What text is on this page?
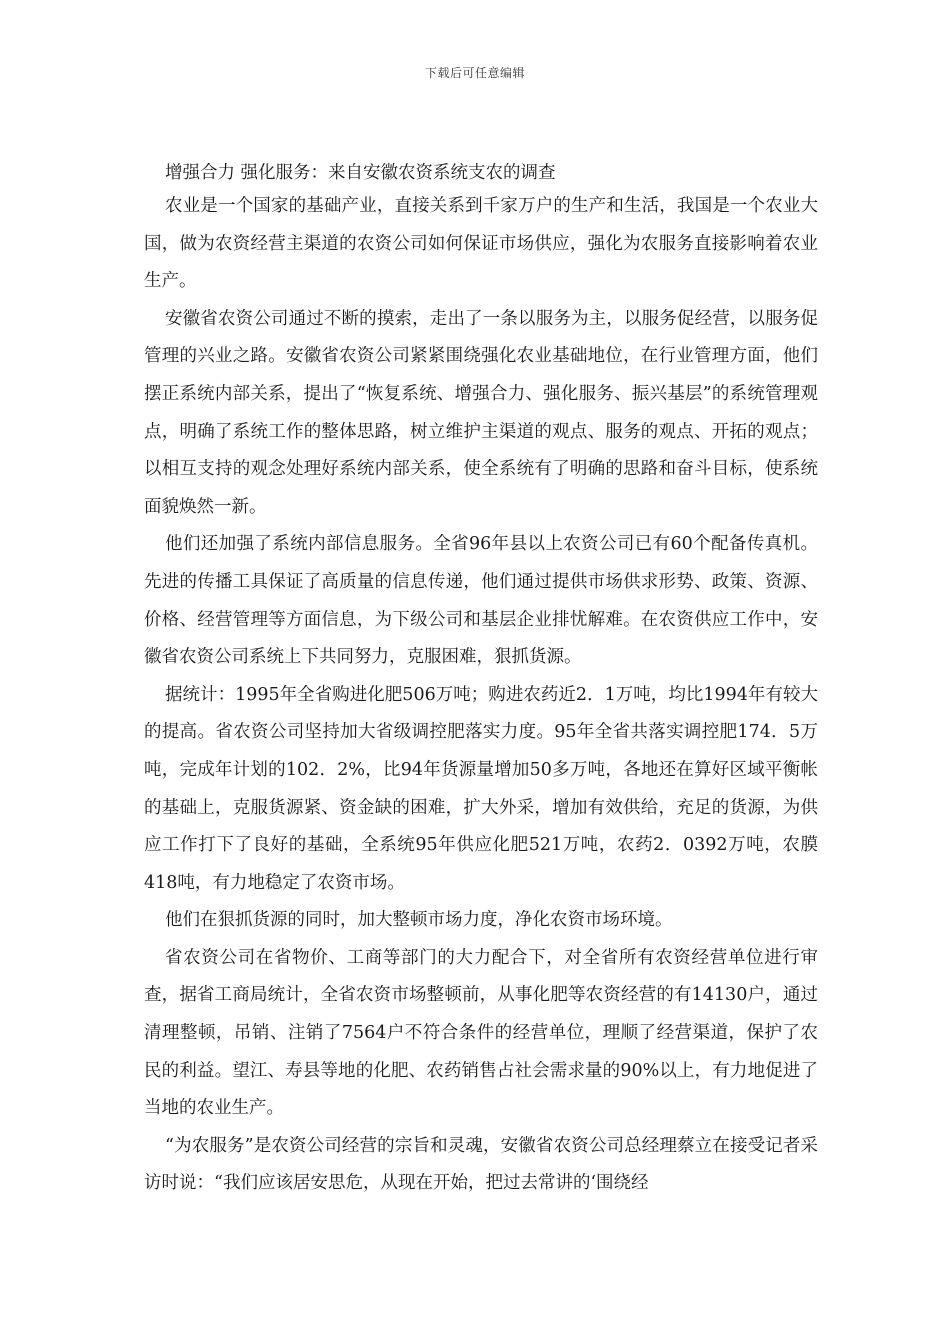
下载后可任意编辑
增强合力 强化服务：来自安徽农资系统支农的调查

农业是一个国家的基础产业，直接关系到千家万户的生产和生活，我国是一个农业大国，做为农资经营主渠道的农资公司如何保证市场供应，强化为农服务直接影响着农业生产。

安徽省农资公司通过不断的摸索，走出了一条以服务为主，以服务促经营，以服务促管理的兴业之路。安徽省农资公司紧紧围绕强化农业基础地位，在行业管理方面，他们摆正系统内部关系，提出了“恢复系统、增强合力、强化服务、振兴基层”的系统管理观点，明确了系统工作的整体思路，树立维护主渠道的观点、服务的观点、开拓的观点；以相互支持的观念处理好系统内部关系，使全系统有了明确的思路和奋斗目标，使系统面貌焕然一新。

他们还加强了系统内部信息服务。全省96年县以上农资公司已有60个配备传真机。先进的传播工具保证了高质量的信息传递，他们通过提供市场供求形势、政策、资源、价格、经营管理等方面信息，为下级公司和基层企业排忧解难。在农资供应工作中，安徽省农资公司系统上下共同努力，克服困难，狠抓货源。

据统计：1995年全省购进化肥506万吨；购进农药近2．1万吨，均比1994年有较大的提高。省农资公司坚持加大省级调控肥落实力度。95年全省共落实调控肥174．5万吨，完成年计划的102．2%，比94年货源量增加50多万吨，各地还在算好区域平衡帐的基础上，克服货源紧、资金缺的困难，扩大外采，增加有效供给，充足的货源，为供应工作打下了良好的基础，全系统95年供应化肥521万吨，农药2．0392万吨，农膜418吨，有力地稳定了农资市场。

他们在狠抓货源的同时，加大整顿市场力度，净化农资市场环境。

省农资公司在省物价、工商等部门的大力配合下，对全省所有农资经营单位进行审查，据省工商局统计，全省农资市场整顿前，从事化肥等农资经营的有14130户，通过清理整顿，吊销、注销了7564户不符合条件的经营单位，理顺了经营渠道，保护了农民的利益。望江、寿县等地的化肥、农药销售占社会需求量的90%以上，有力地促进了当地的农业生产。

“为农服务”是农资公司经营的宗旨和灵魂，安徽省农资公司总经理蔡立在接受记者采访时说：“我们应该居安思危，从现在开始，把过去常讲的‘围绕经
